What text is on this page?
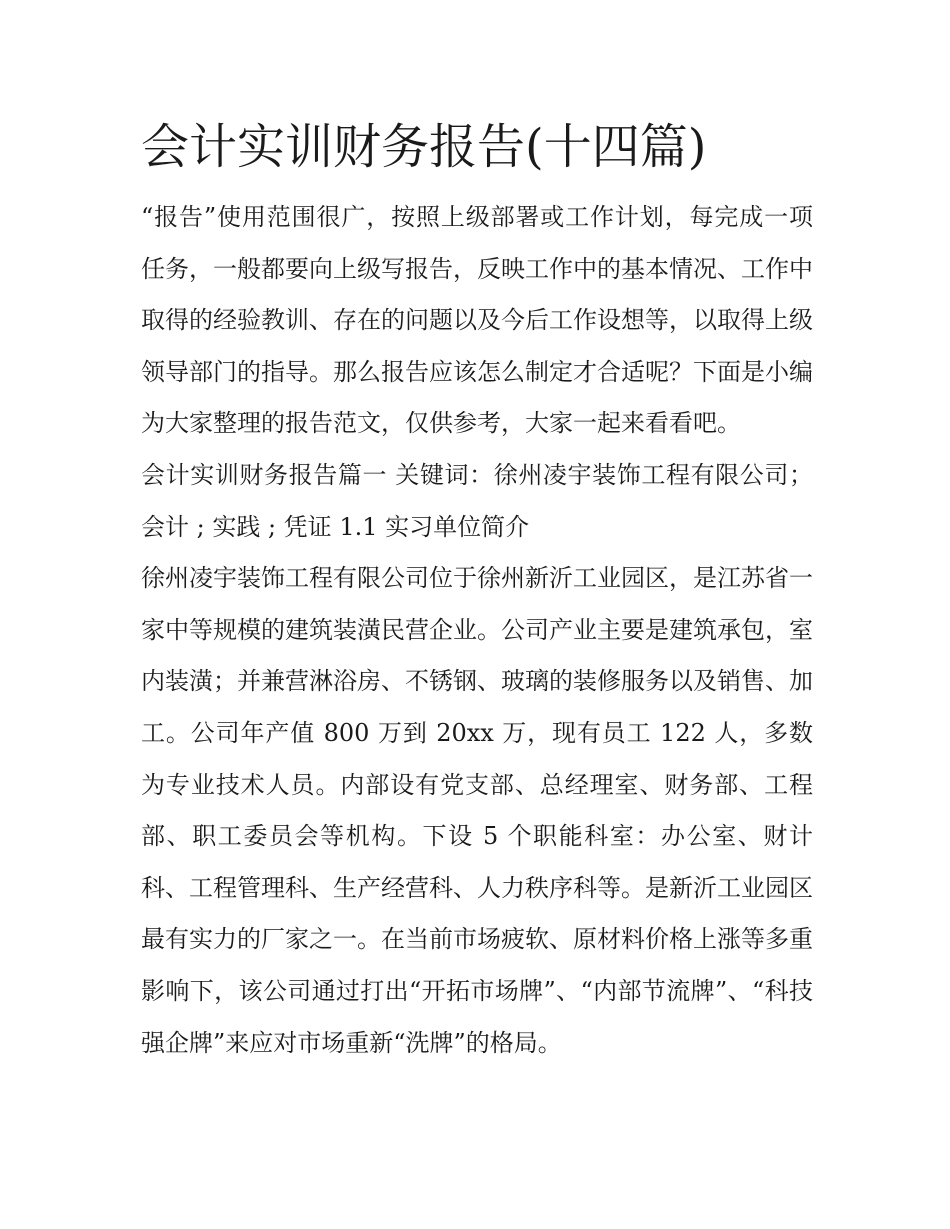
会计实训财务报告(十四篇)

“报告”使用范围很广，按照上级部署或工作计划，每完成一项任务，一般都要向上级写报告，反映工作中的基本情况、工作中取得的经验教训、存在的问题以及今后工作设想等，以取得上级领导部门的指导。那么报告应该怎么制定才合适呢？下面是小编为大家整理的报告范文，仅供参考，大家一起来看看吧。

会计实训财务报告篇一 关键词：徐州凌宇装饰工程有限公司； 会计 ; 实践 ; 凭证 1.1 实习单位简介

徐州凌宇装饰工程有限公司位于徐州新沂工业园区，是江苏省一家中等规模的建筑装潢民营企业。公司产业主要是建筑承包，室内装潢；并兼营淋浴房、不锈钢、玻璃的装修服务以及销售、加工。公司年产值 800 万到 20xx 万，现有员工 122 人，多数为专业技术人员。内部设有党支部、总经理室、财务部、工程部、职工委员会等机构。下设 5 个职能科室：办公室、财计科、工程管理科、生产经营科、人力秩序科等。是新沂工业园区最有实力的厂家之一。在当前市场疲软、原材料价格上涨等多重影响下，该公司通过打出“开拓市场牌”、“内部节流牌”、“科技强企牌”来应对市场重新“洗牌”的格局。
